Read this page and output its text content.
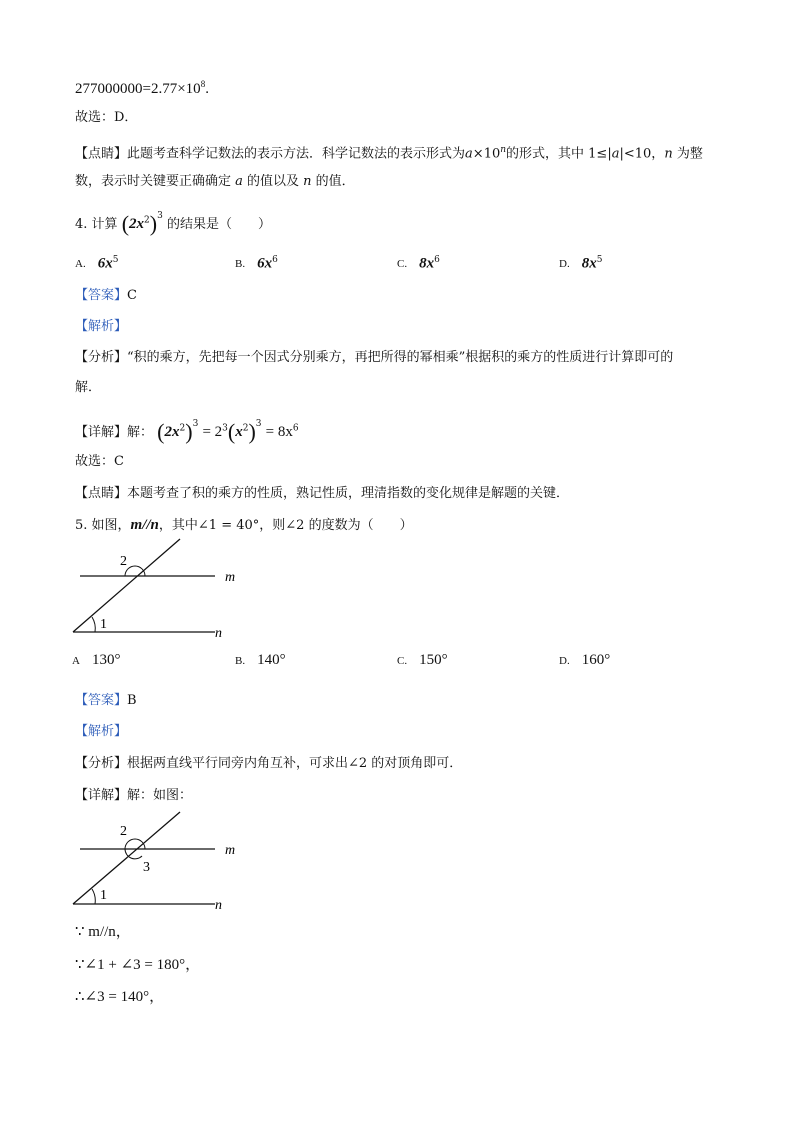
$277000000=2.77\times 10^8$.
故选：D．
【点睛】此题考查科学记数法的表示方法．科学记数法的表示形式为$a\times 10^n$的形式，其中 1≤|a|<10，n 为整
数，表示时关键要正确确定 a 的值以及 n 的值．
4. 计算 $(2x^2)^3$ 的结果是（　　）
A. $6x^5$	B. $6x^6$	C. $8x^6$	D. $8x^5$
【答案】C
【解析】
【分析】“积的乘方，先把每一个因式分别乘方，再把所得的幂相乘”根据积的乘方的性质进行计算即可的
解．
【详解】解： $(2x^2)^3 = 2^3(x^2)^3 = 8x^6$
故选：C
【点睛】本题考查了积的乘方的性质，熟记性质，理清指数的变化规律是解题的关键．
5. 如图，m//n，其中∠1 = 40°，则∠2 的度数为（　　）
2
1
m
n
A 130°	B. 140°	C. 150°	D. 160°
【答案】B
【解析】
【分析】根据两直线平行同旁内角互补，可求出∠2 的对顶角即可．
【详解】解：如图：
2
3
1
m
n
∵ m//n，
∵∠1 + ∠3 = 180°，
∴∠3 = 140°，
